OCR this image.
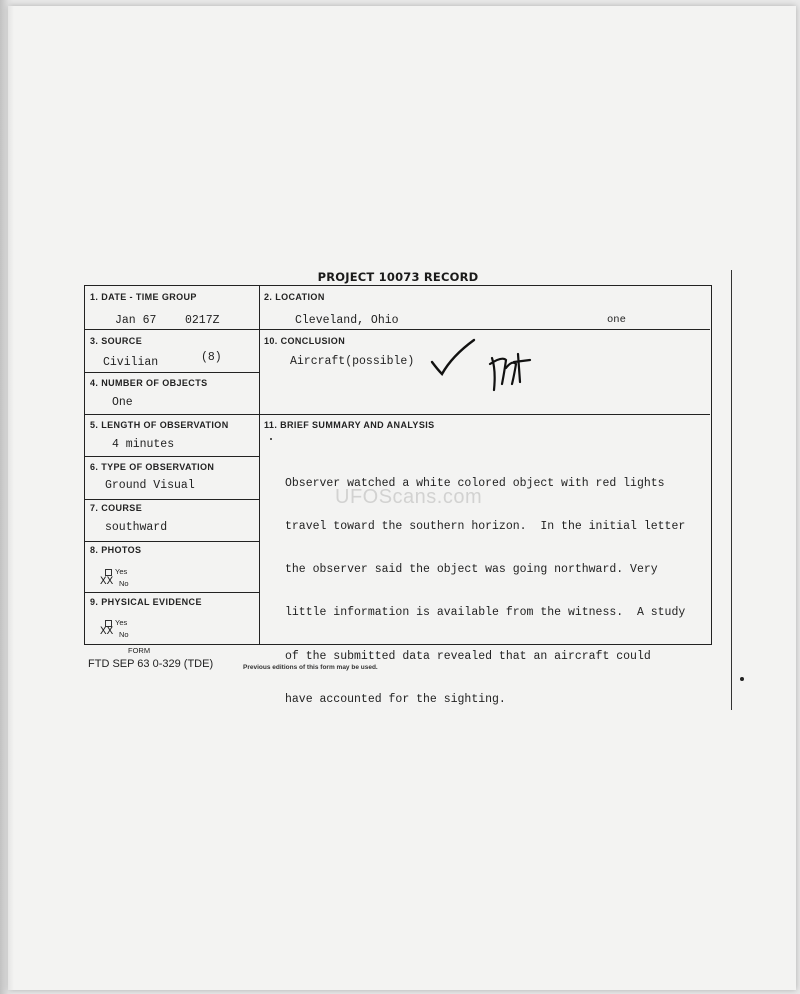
PROJECT 10073 RECORD
1. DATE - TIME GROUP
Jan 67 0217Z
2. LOCATION
Cleveland, Ohio	one
3. SOURCE
Civilian	(8)
10. CONCLUSION
Aircraft(possible)
4. NUMBER OF OBJECTS
One
5. LENGTH OF OBSERVATION
4 minutes
11. BRIEF SUMMARY AND ANALYSIS

Observer watched a white colored object with red lights

travel toward the southern horizon.  In the initial letter

the observer said the object was going northward. Very

little information is available from the witness.  A study

of the submitted data revealed that an aircraft could

have accounted for the sighting.

6. TYPE OF OBSERVATION
Ground Visual
7. COURSE
southward
8. PHOTOS
Yes
XX No
9. PHYSICAL EVIDENCE
Yes
XX No
FORM
FTD SEP 63 0-329 (TDE)	Previous editions of this form may be used.
UFOScans.com
